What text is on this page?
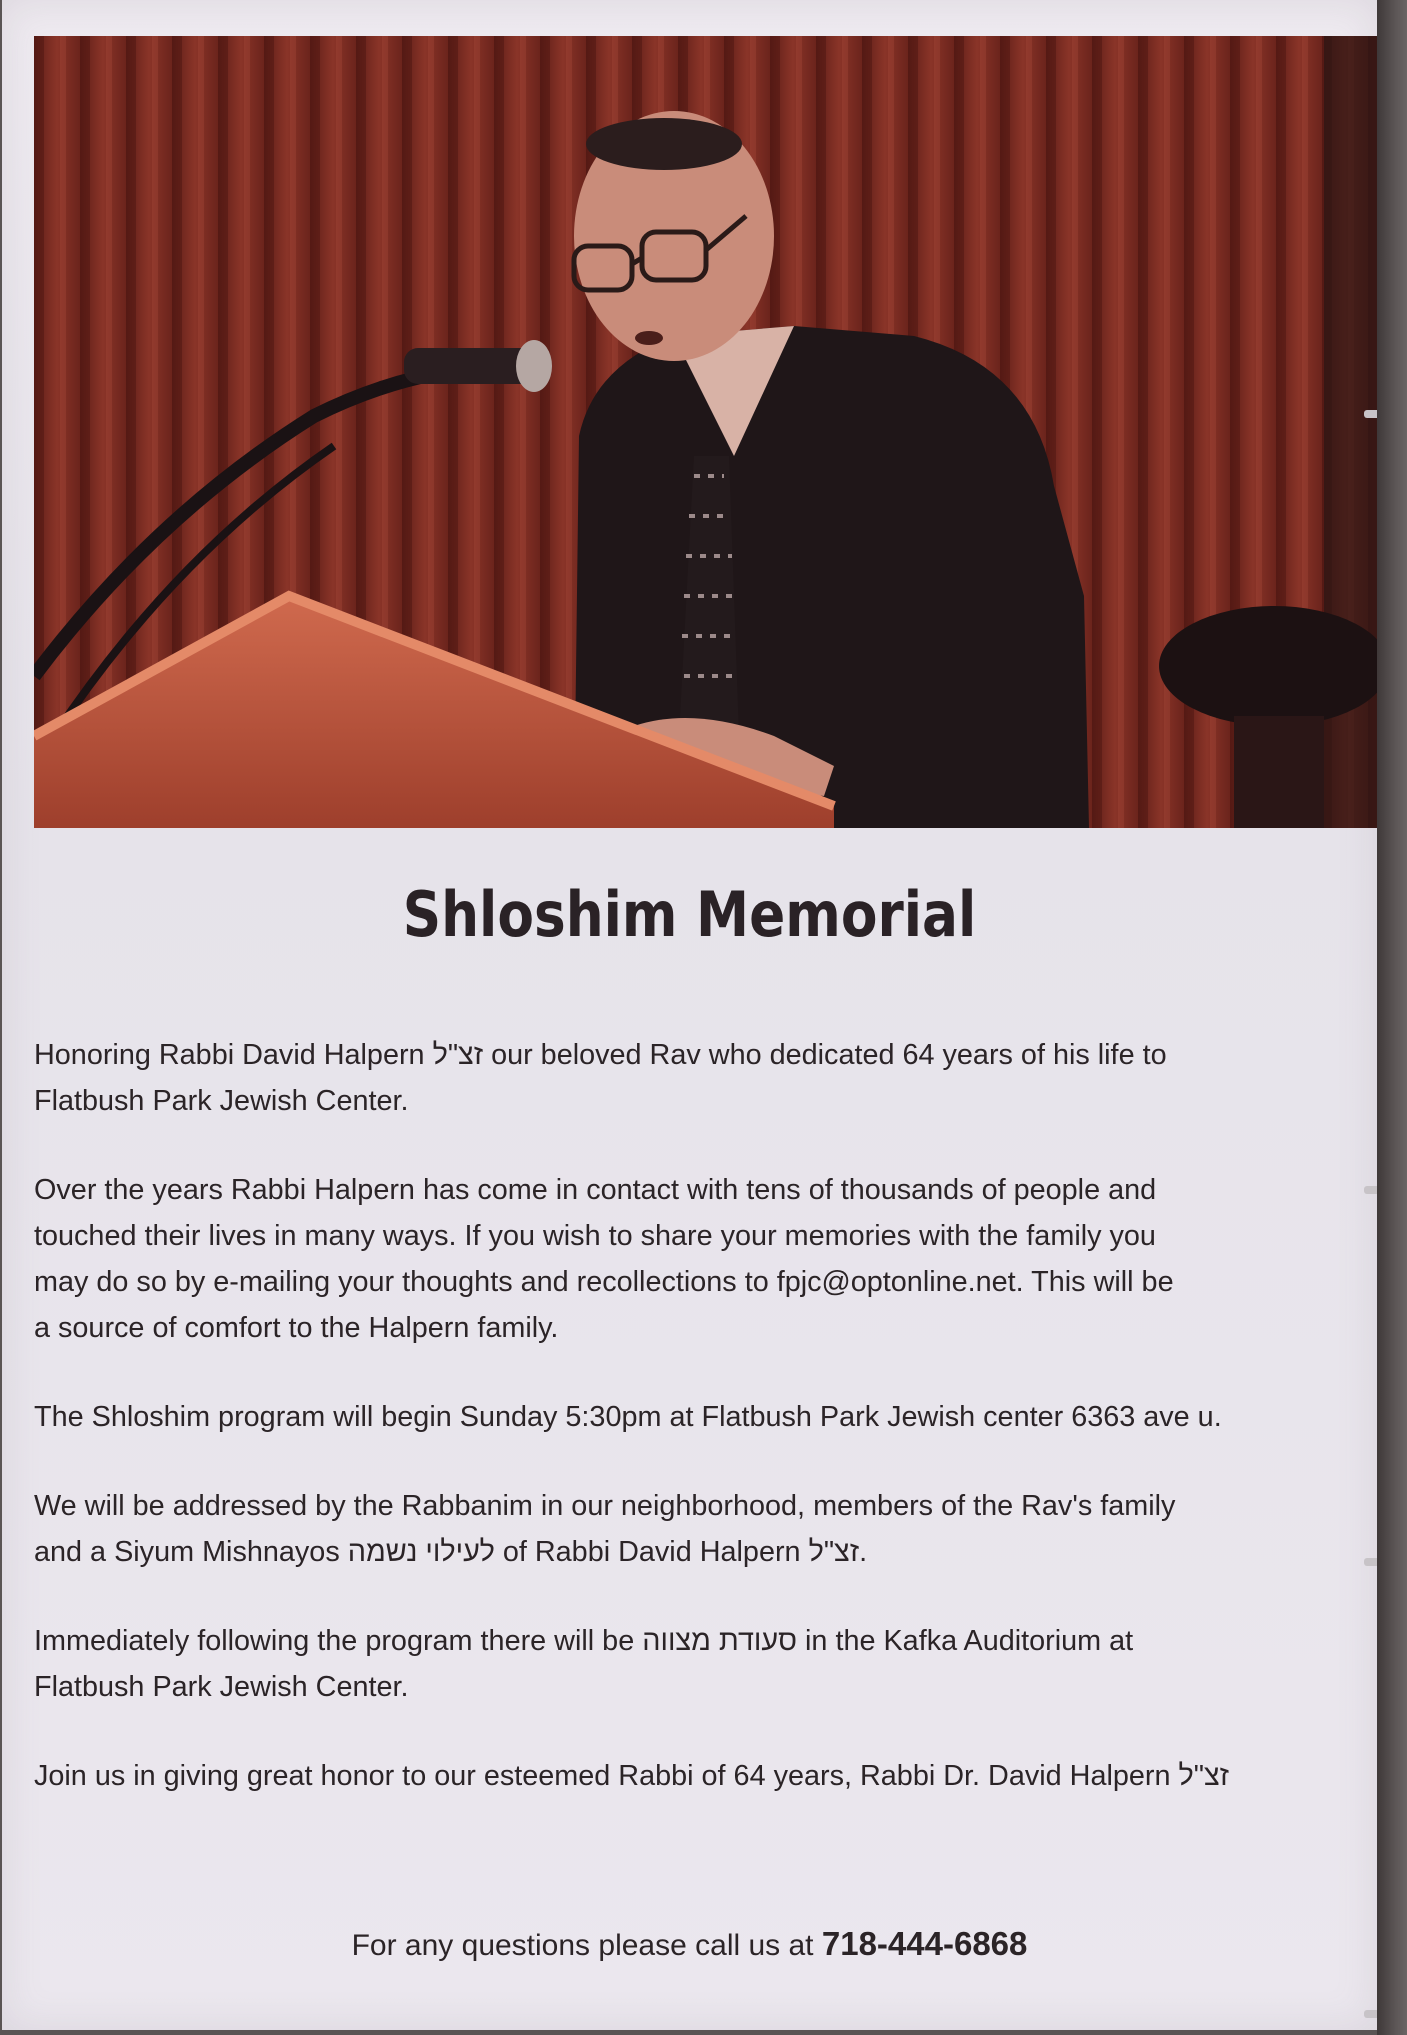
Shloshim Memorial
Honoring Rabbi David Halpern זצ"ל our beloved Rav who dedicated 64 years of his life to
Flatbush Park Jewish Center.
Over the years Rabbi Halpern has come in contact with tens of thousands of people and
touched their lives in many ways. If you wish to share your memories with the family you
may do so by e-mailing your thoughts and recollections to fpjc@optonline.net. This will be
a source of comfort to the Halpern family.
The Shloshim program will begin Sunday 5:30pm at Flatbush Park Jewish center 6363 ave u.
We will be addressed by the Rabbanim in our neighborhood, members of the Rav's family
and a Siyum Mishnayos לעילוי נשמה of Rabbi David Halpern זצ"ל.
Immediately following the program there will be סעודת מצווה in the Kafka Auditorium at
Flatbush Park Jewish Center.
Join us in giving great honor to our esteemed Rabbi of 64 years, Rabbi Dr. David Halpern זצ"ל
For any questions please call us at 718-444-6868
